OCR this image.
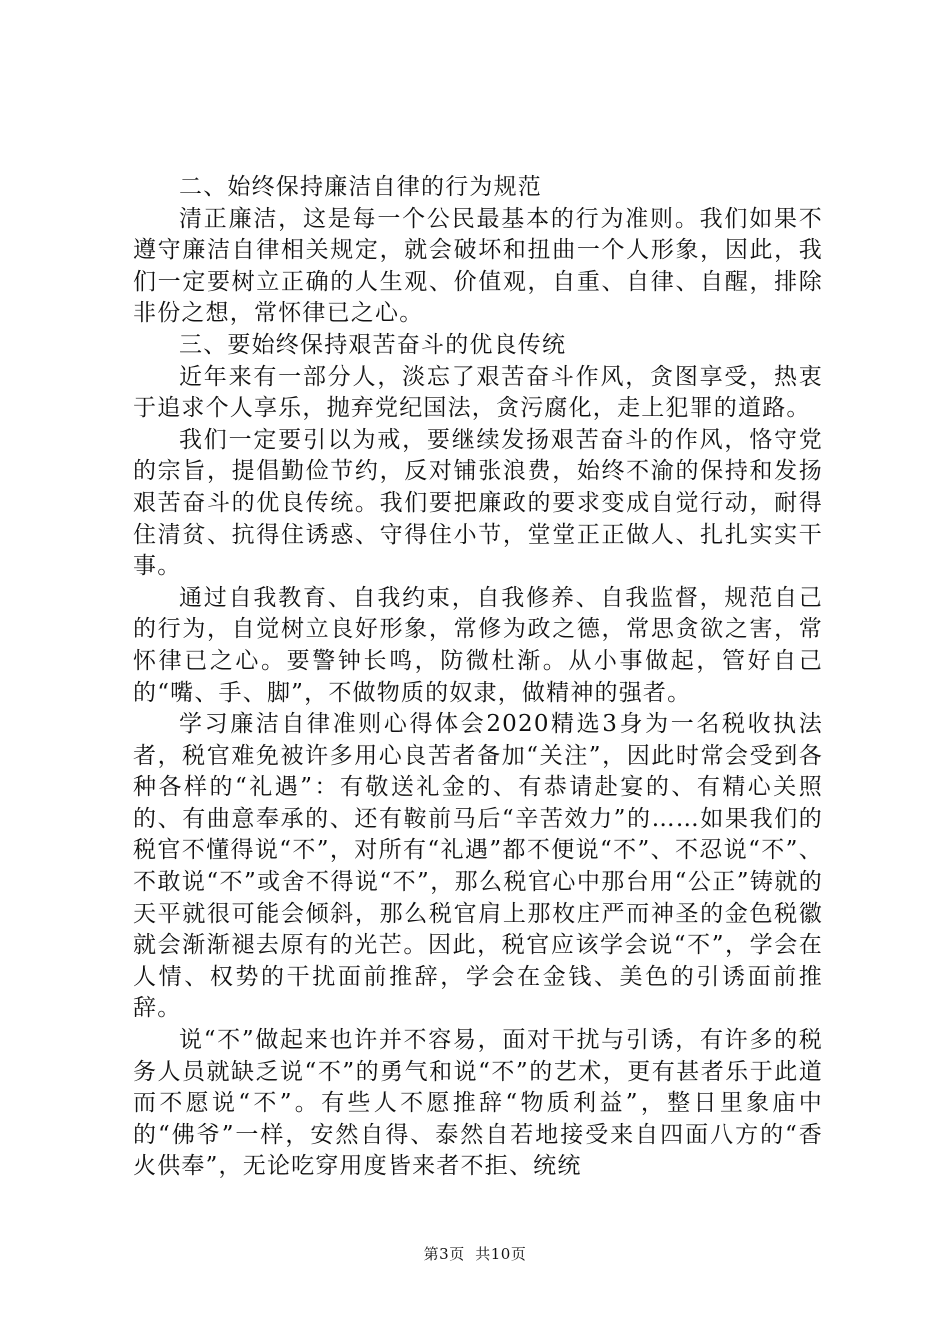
二、始终保持廉洁自律的行为规范

清正廉洁，这是每一个公民最基本的行为准则。我们如果不遵守廉洁自律相关规定，就会破坏和扭曲一个人形象，因此，我们一定要树立正确的人生观、价值观，自重、自律、自醒，排除非份之想，常怀律已之心。

三、要始终保持艰苦奋斗的优良传统

近年来有一部分人，淡忘了艰苦奋斗作风，贪图享受，热衷于追求个人享乐，抛弃党纪国法，贪污腐化，走上犯罪的道路。

我们一定要引以为戒，要继续发扬艰苦奋斗的作风，恪守党的宗旨，提倡勤俭节约，反对铺张浪费，始终不渝的保持和发扬艰苦奋斗的优良传统。我们要把廉政的要求变成自觉行动，耐得住清贫、抗得住诱惑、守得住小节，堂堂正正做人、扎扎实实干事。

通过自我教育、自我约束，自我修养、自我监督，规范自己的行为，自觉树立良好形象，常修为政之德，常思贪欲之害，常怀律已之心。要警钟长鸣，防微杜渐。从小事做起，管好自己的“嘴、手、脚”，不做物质的奴隶，做精神的强者。

学习廉洁自律准则心得体会2020精选3身为一名税收执法者，税官难免被许多用心良苦者备加“关注”，因此时常会受到各种各样的“礼遇”：有敬送礼金的、有恭请赴宴的、有精心关照的、有曲意奉承的、还有鞍前马后“辛苦效力”的……如果我们的税官不懂得说“不”，对所有“礼遇”都不便说“不”、不忍说“不”、不敢说“不”或舍不得说“不”，那么税官心中那台用“公正”铸就的天平就很可能会倾斜，那么税官肩上那枚庄严而神圣的金色税徽就会渐渐褪去原有的光芒。因此，税官应该学会说“不”，学会在人情、权势的干扰面前推辞，学会在金钱、美色的引诱面前推辞。

说“不”做起来也许并不容易，面对干扰与引诱，有许多的税务人员就缺乏说“不”的勇气和说“不”的艺术，更有甚者乐于此道而不愿说“不”。有些人不愿推辞“物质利益”，整日里象庙中的“佛爷”一样，安然自得、泰然自若地接受来自四面八方的“香火供奉”，无论吃穿用度皆来者不拒、统统

第3页 共10页
